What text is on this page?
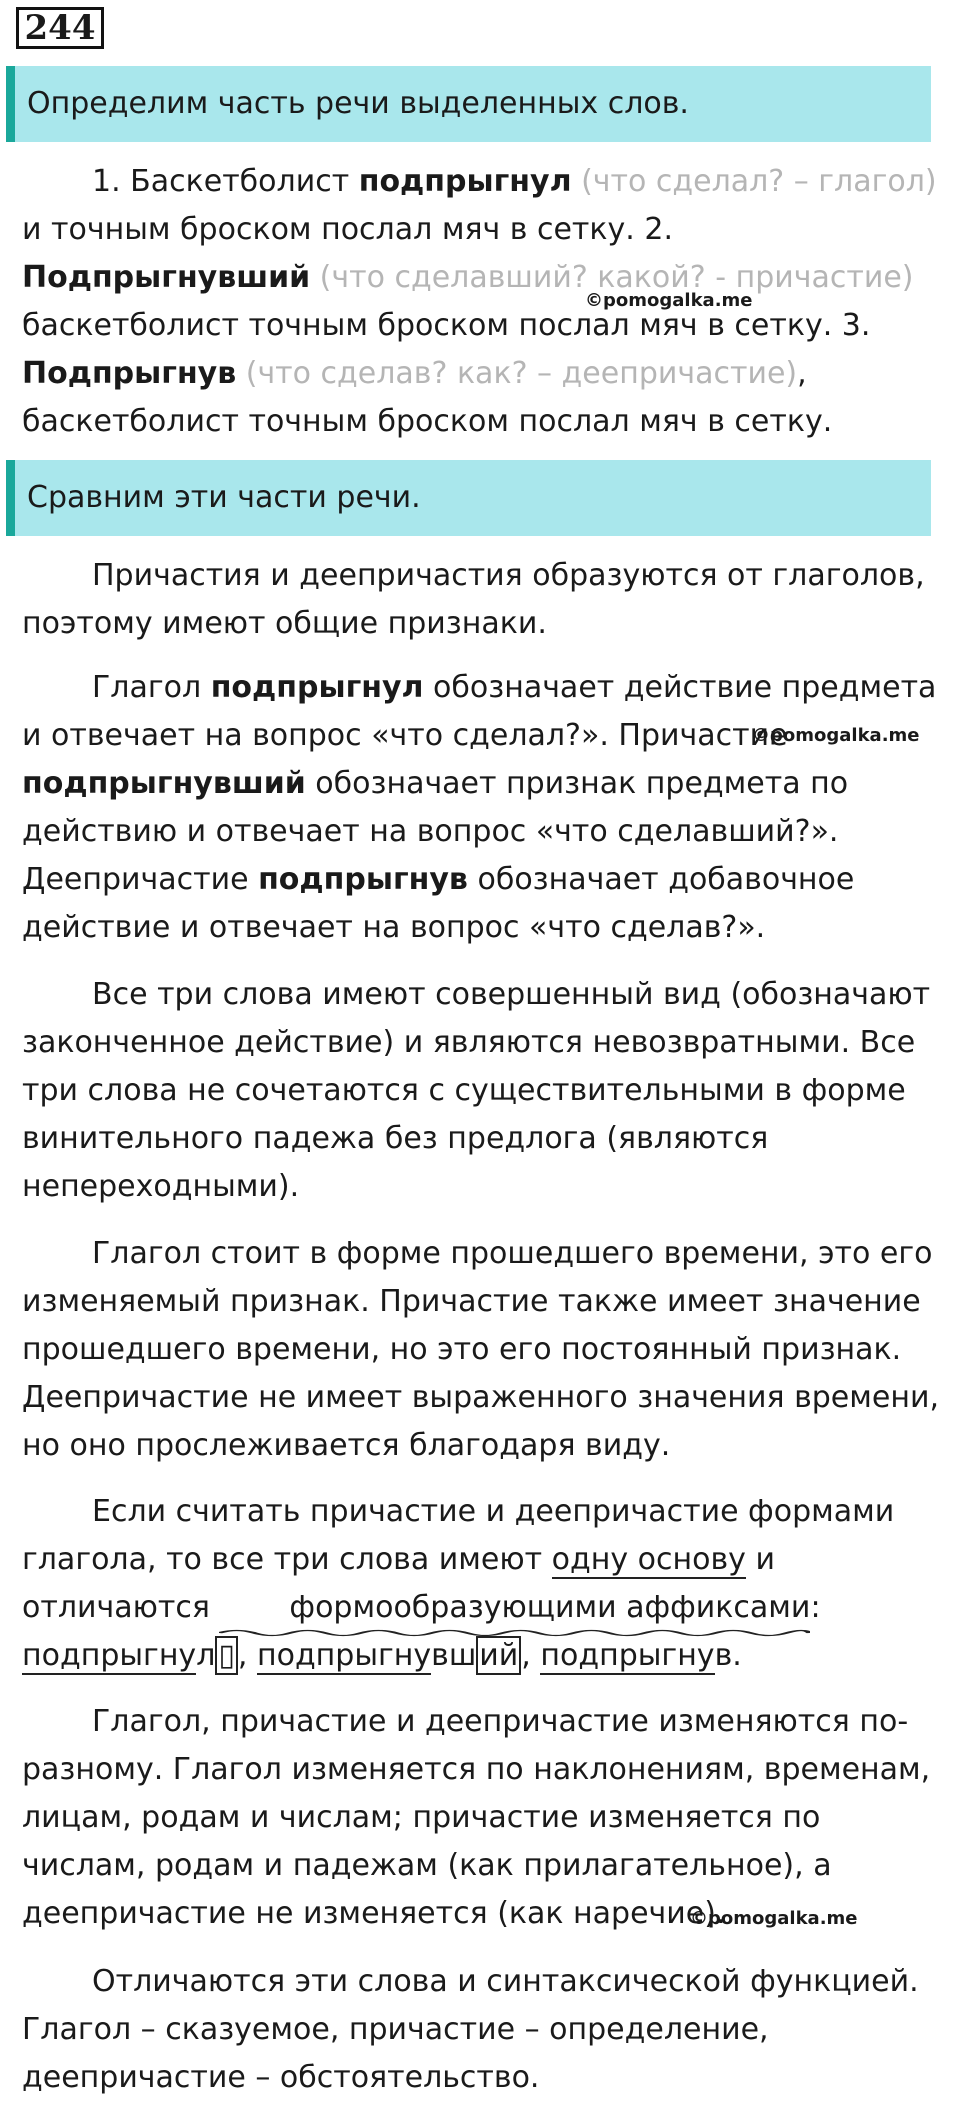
244
Определим часть речи выделенных слов.

1. Баскетболист подпрыгнул (что сделал? – глагол) и точным броском послал мяч в сетку. 2. Подпрыгнувший (что сделавший? какой? - причастие) баскетболист точным броском послал мяч в сетку. 3. Подпрыгнув (что сделав? как? – деепричастие), баскетболист точным броском послал мяч в сетку.

©pomogalka.me
Сравним эти части речи.

Причастия и деепричастия образуются от глаголов, поэтому имеют общие признаки.

Глагол подпрыгнул обозначает действие предмета и отвечает на вопрос «что сделал?». Причастие подпрыгнувший обозначает признак предмета по действию и отвечает на вопрос «что сделавший?». Деепричастие подпрыгнув обозначает добавочное действие и отвечает на вопрос «что сделав?».

©pomogalka.me

Все три слова имеют совершенный вид (обозначают законченное действие) и являются невозвратными. Все три слова не сочетаются с существительными в форме винительного падежа без предлога (являются непереходными).

Глагол стоит в форме прошедшего времени, это его изменяемый признак. Причастие также имеет значение прошедшего времени, но это его постоянный признак. Деепричастие не имеет выраженного значения времени, но оно прослеживается благодаря виду.

Если считать причастие и деепричастие формами глагола, то все три слова имеют одну основу и отличаются формообразующими аффиксами
: подпрыгнул ▯ , подпрыгнувш ий , подпрыгнув.

Глагол, причастие и деепричастие изменяются по-разному. Глагол изменяется по наклонениям, временам, лицам, родам и числам; причастие изменяется по числам, родам и падежам (как прилагательное), а деепричастие не изменяется (как наречие).

©pomogalka.me

Отличаются эти слова и синтаксической функцией. Глагол – сказуемое, причастие – определение, деепричастие – обстоятельство.
